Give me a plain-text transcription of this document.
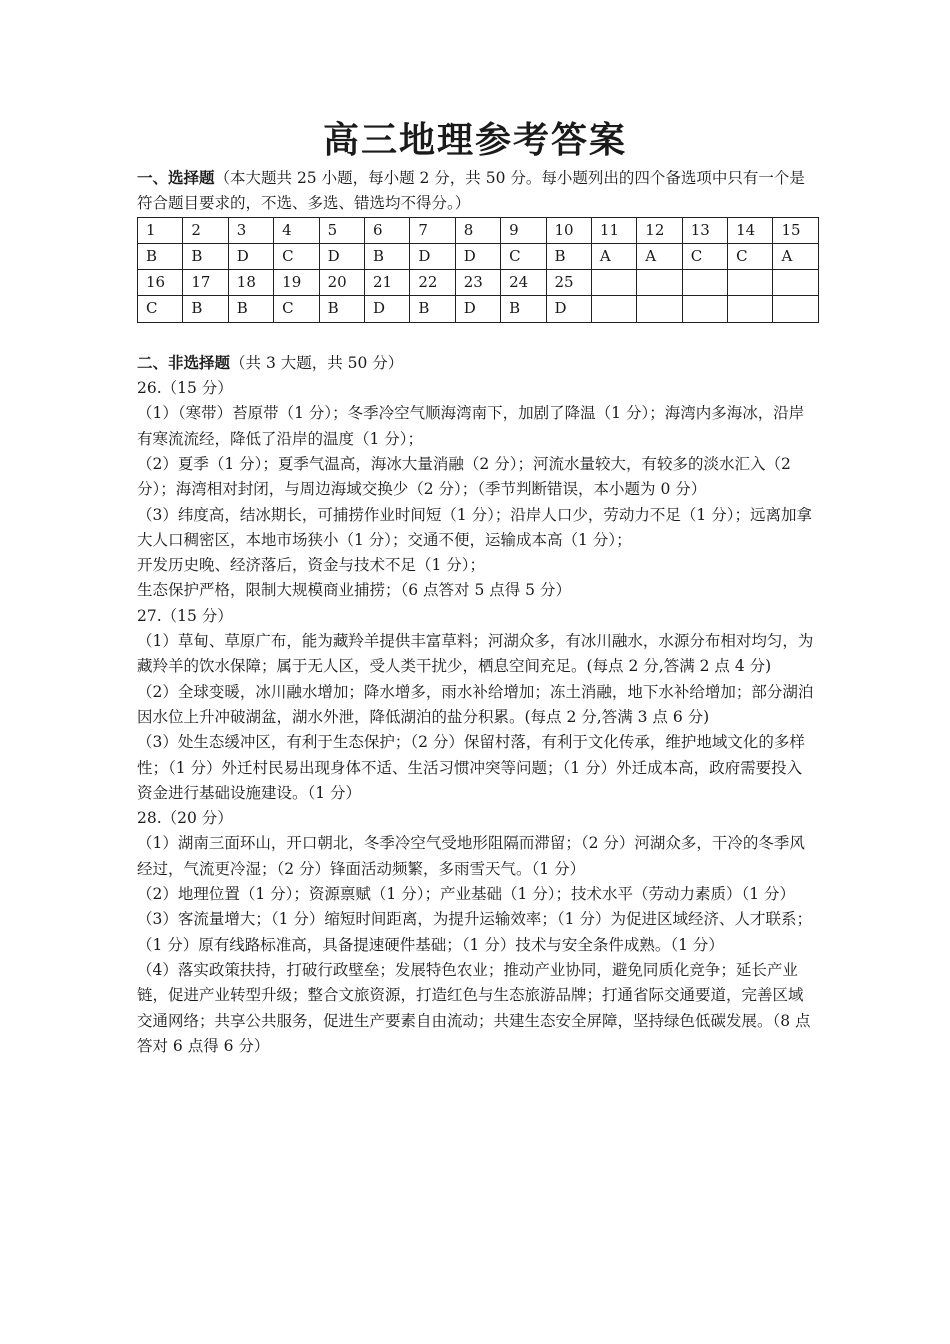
高三地理参考答案

一、选择题（本大题共 25 小题，每小题 2 分，共 50 分。每小题列出的四个备选项中只有一个是符合题目要求的，不选、多选、错选均不得分。）

1	2	3	4	5	6	7	8	9	10	11	12	13	14	15
B	B	D	C	D	B	D	D	C	B	A	A	C	C	A
16	17	18	19	20	21	22	23	24	25					
C	B	B	C	B	D	B	D	B	D					

二、非选择题（共 3 大题，共 50 分）

26.（15 分）

（1）（寒带）苔原带（1 分）；冬季冷空气顺海湾南下，加剧了降温（1 分）；海湾内多海冰，沿岸有寒流流经，降低了沿岸的温度（1 分）；

（2）夏季（1 分）；夏季气温高，海冰大量消融（2 分）；河流水量较大，有较多的淡水汇入（2 分）；海湾相对封闭，与周边海域交换少（2 分）；（季节判断错误，本小题为 0 分）

（3）纬度高，结冰期长，可捕捞作业时间短（1 分）；沿岸人口少，劳动力不足（1 分）；远离加拿大人口稠密区，本地市场狭小（1 分）；交通不便，运输成本高（1 分）；

开发历史晚、经济落后，资金与技术不足（1 分）；

生态保护严格，限制大规模商业捕捞；（6 点答对 5 点得 5 分）

27.（15 分）

（1）草甸、草原广布，能为藏羚羊提供丰富草料；河湖众多，有冰川融水，水源分布相对均匀，为藏羚羊的饮水保障；属于无人区，受人类干扰少，栖息空间充足。(每点 2 分,答满 2 点 4 分)

（2）全球变暖，冰川融水增加；降水增多，雨水补给增加；冻土消融，地下水补给增加；部分湖泊因水位上升冲破湖盆，湖水外泄，降低湖泊的盐分积累。(每点 2 分,答满 3 点 6 分)

（3）处生态缓冲区，有利于生态保护；（2 分）保留村落，有利于文化传承，维护地域文化的多样性；（1 分）外迁村民易出现身体不适、生活习惯冲突等问题；（1 分）外迁成本高，政府需要投入资金进行基础设施建设。（1 分）

28.（20 分）

（1）湖南三面环山，开口朝北，冬季冷空气受地形阻隔而滞留；（2 分）河湖众多，干冷的冬季风经过，气流更冷湿；（2 分）锋面活动频繁，多雨雪天气。（1 分）

（2）地理位置（1 分）；资源禀赋（1 分）；产业基础（1 分）；技术水平（劳动力素质）（1 分）

（3）客流量增大；（1 分）缩短时间距离，为提升运输效率；（1 分）为促进区域经济、人才联系；（1 分）原有线路标准高，具备提速硬件基础；（1 分）技术与安全条件成熟。（1 分）

（4）落实政策扶持，打破行政壁垒；发展特色农业；推动产业协同，避免同质化竞争；延长产业链，促进产业转型升级；整合文旅资源，打造红色与生态旅游品牌；打通省际交通要道，完善区域交通网络；共享公共服务，促进生产要素自由流动；共建生态安全屏障，坚持绿色低碳发展。（8 点答对 6 点得 6 分）
